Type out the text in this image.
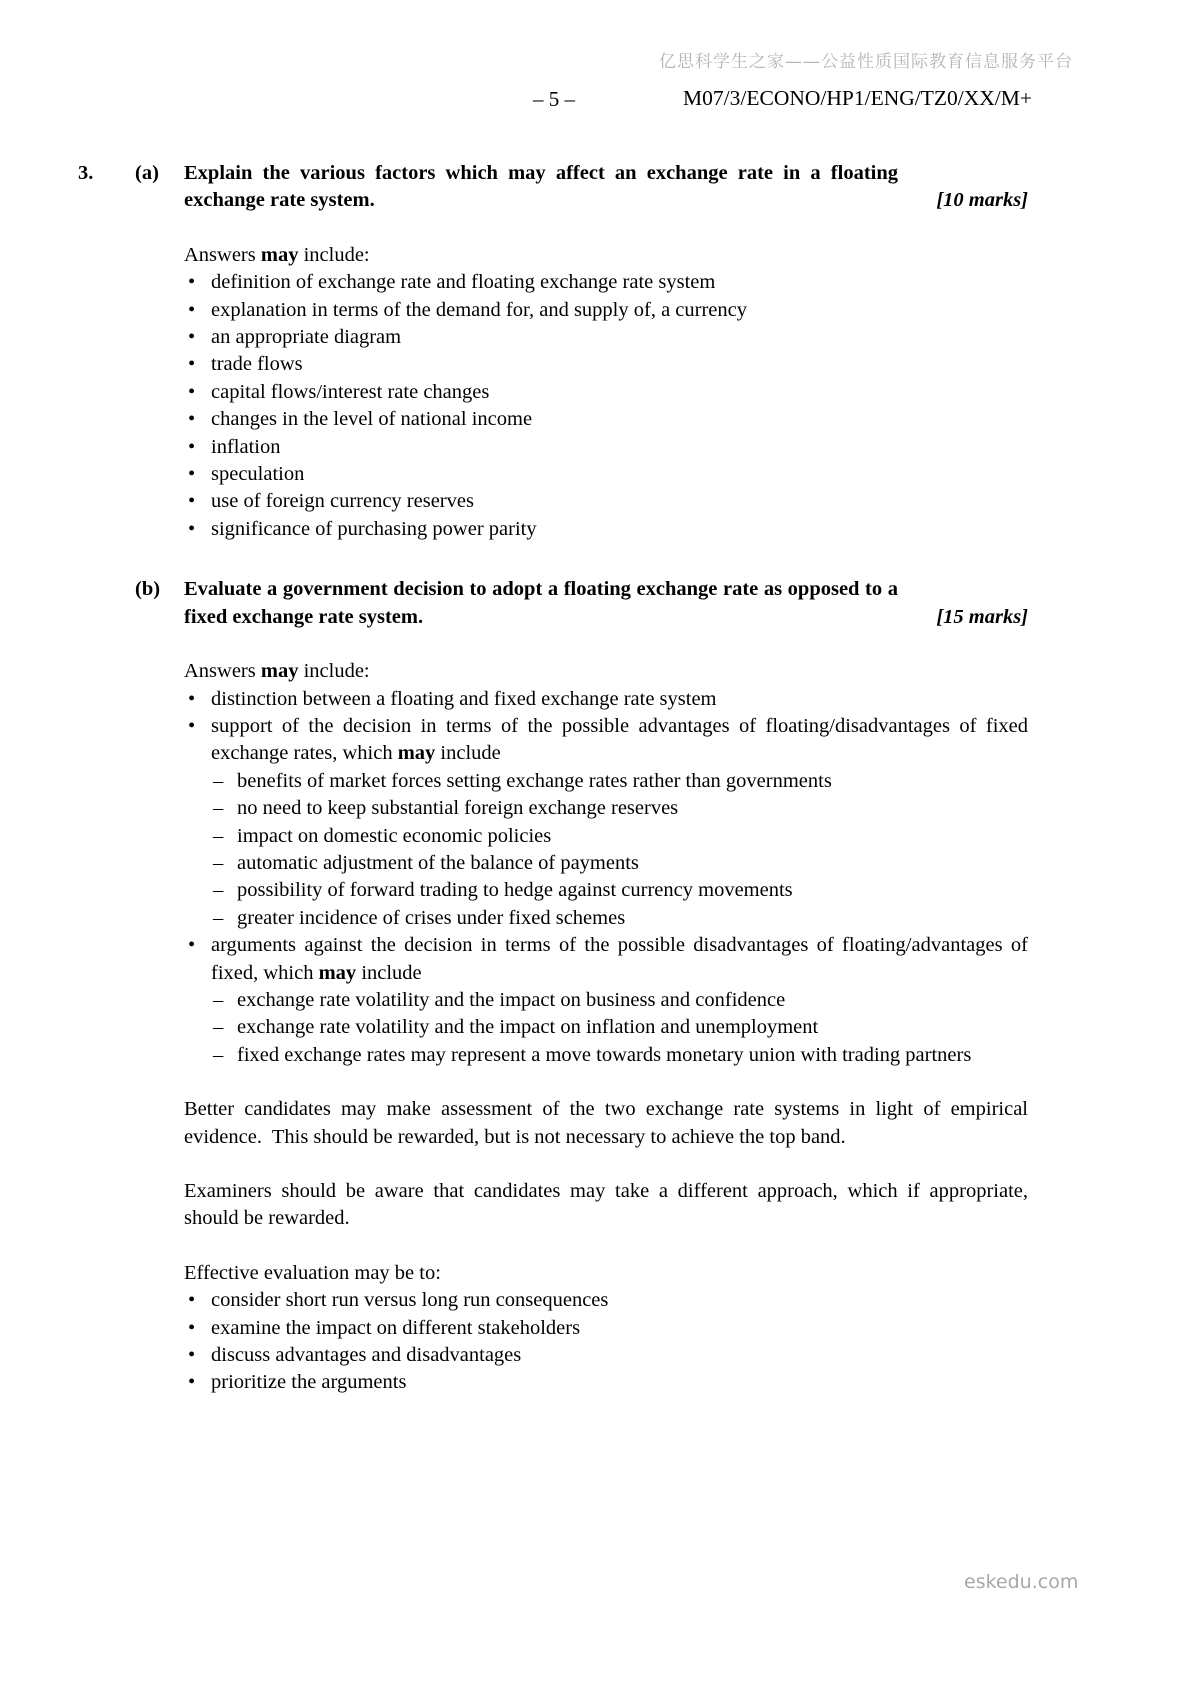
亿思科学生之家——公益性质国际教育信息服务平台
– 5 –	M07/3/ECONO/HP1/ENG/TZ0/XX/M+
3.	(a)	Explain the various factors which may affect an exchange rate in a floating exchange rate system.	[10 marks]

Answers may include:

• definition of exchange rate and floating exchange rate system
• explanation in terms of the demand for, and supply of, a currency
• an appropriate diagram
• trade flows
• capital flows/interest rate changes
• changes in the level of national income
• inflation
• speculation
• use of foreign currency reserves
• significance of purchasing power parity
(b)	Evaluate a government decision to adopt a floating exchange rate as opposed to a fixed exchange rate system.	[15 marks]

Answers may include:

• distinction between a floating and fixed exchange rate system
• support of the decision in terms of the possible advantages of floating/disadvantages of fixed exchange rates, which may include
– benefits of market forces setting exchange rates rather than governments
– no need to keep substantial foreign exchange reserves
– impact on domestic economic policies
– automatic adjustment of the balance of payments
– possibility of forward trading to hedge against currency movements
– greater incidence of crises under fixed schemes
• arguments against the decision in terms of the possible disadvantages of floating/advantages of fixed, which may include
– exchange rate volatility and the impact on business and confidence
– exchange rate volatility and the impact on inflation and unemployment
– fixed exchange rates may represent a move towards monetary union with trading partners

Better candidates may make assessment of the two exchange rate systems in light of empirical evidence.  This should be rewarded, but is not necessary to achieve the top band.

Examiners should be aware that candidates may take a different approach, which if appropriate, should be rewarded.

Effective evaluation may be to:

• consider short run versus long run consequences
• examine the impact on different stakeholders
• discuss advantages and disadvantages
• prioritize the arguments
eskedu.com
